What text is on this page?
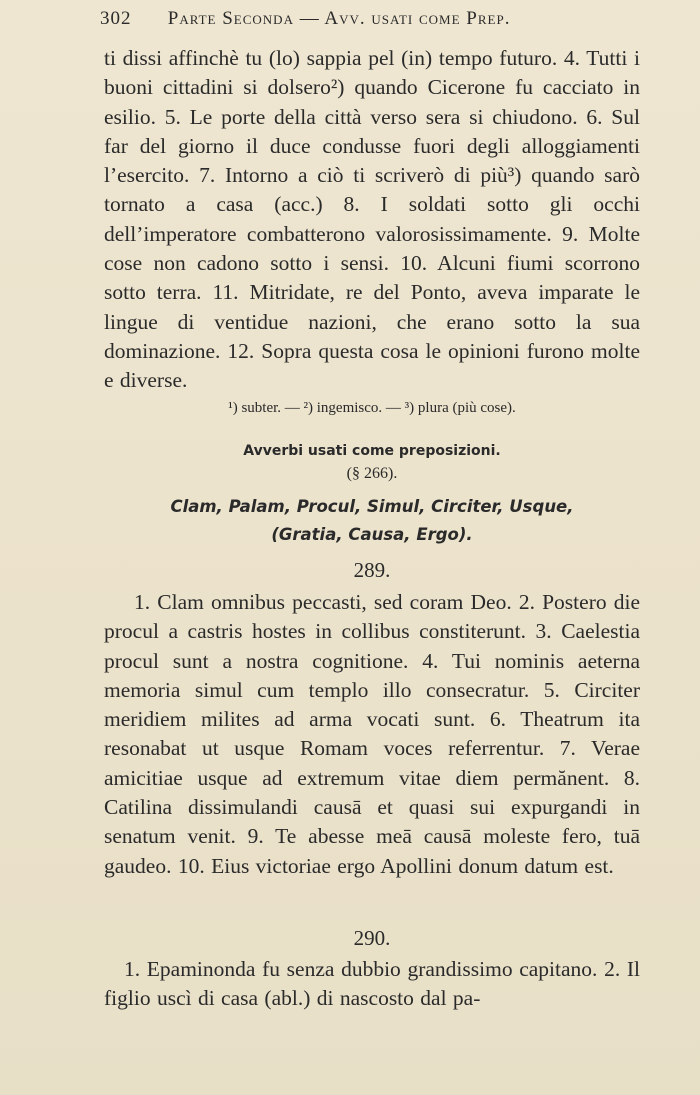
302 Parte Seconda — Avv. usati come Prep.
ti dissi affinchè tu (lo) sappia pel (in) tempo futuro. 4. Tutti i buoni cittadini si dolsero²) quando Cicerone fu cacciato in esilio. 5. Le porte della città verso sera si chiudono. 6. Sul far del giorno il duce condusse fuori degli alloggiamenti l’esercito. 7. Intorno a ciò ti scriverò di più³) quando sarò tornato a casa (acc.) 8. I soldati sotto gli occhi dell’imperatore combatterono valorosissimamente. 9. Molte cose non cadono sotto i sensi. 10. Alcuni fiumi scorrono sotto terra. 11. Mitridate, re del Ponto, aveva imparate le lingue di ventidue nazioni, che erano sotto la sua dominazione. 12. Sopra questa cosa le opinioni furono molte e diverse.
¹) subter. — ²) ingemisco. — ³) plura (più cose).
Avverbi usati come preposizioni.
(§ 266).
Clam, Palam, Procul, Simul, Circiter, Usque,
(Gratia, Causa, Ergo).
289.
1. Clam omnibus peccasti, sed coram Deo. 2. Postero die procul a castris hostes in collibus constiterunt. 3. Caelestia procul sunt a nostra cognitione. 4. Tui nominis aeterna memoria simul cum templo illo consecratur. 5. Circiter meridiem milites ad arma vocati sunt. 6. Theatrum ita resonabat ut usque Romam voces referrentur. 7. Verae amicitiae usque ad extremum vitae diem permănent. 8. Catilina dissimulandi causā et quasi sui expurgandi in senatum venit. 9. Te abesse meā causā moleste fero, tuā gaudeo. 10. Eius victoriae ergo Apollini donum datum est.
290.
1. Epaminonda fu senza dubbio grandissimo capitano. 2. Il figlio uscì di casa (abl.) di nascosto dal pa-
